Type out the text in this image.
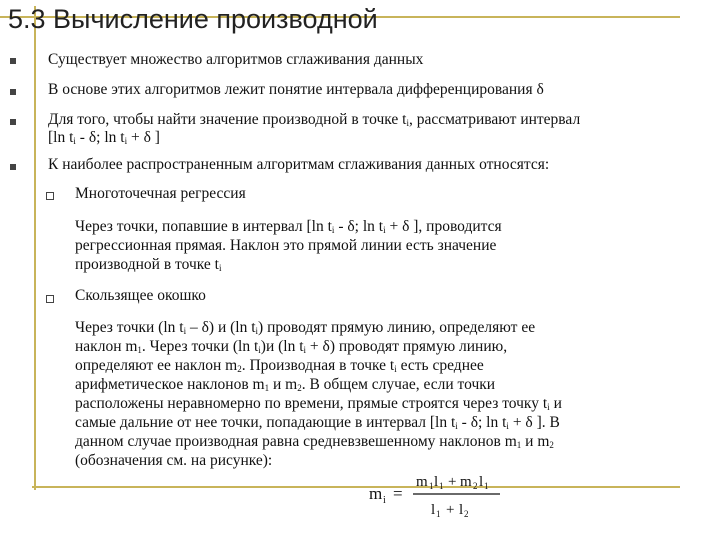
5.3 Вычисление производной
Существует множество алгоритмов сглаживания данных
В основе этих алгоритмов лежит понятие интервала дифференцирования δ
Для того, чтобы найти значение производной в точке $t_i$, рассматривают интервал
[ln $t_i$ - δ; $\ln t_i + \delta$ ]
К наиболее распространенным алгоритмам сглаживания данных относятся:
Многоточечная регрессия
Через точки, попавшие в интервал [ln $t_i$ - δ; $\ln t_i + \delta$ ], проводится
регрессионная прямая. Наклон это прямой линии есть значение
производной в точке $t_i$
Скользящее окошко
Через точки (ln $t_i - \delta$) и (ln $t_i$) проводят прямую линию, определяют ее
наклон $m_1$. Через точки (ln $t_i)и$ (ln $t_i + \delta$) проводят прямую линию,
определяют ее наклон $m_2$. Производная в точке $t_i$ есть среднее
арифметическое наклонов $m_1$ и $m_2$. В общем случае, если точки
расположены неравномерно по времени, прямые строятся через точку $t_i$ и
самые дальние от нее точки, попадающие в интервал [ln $t_i$ - δ; $\ln t_i + \delta$ ]. В
данном случае производная равна средневзвешенному наклонов $m_1$ и $m_2$
(обозначения см. на рисунке):
m i =
m 1 l 1 + m 2 l 1
l 1 + l 2
